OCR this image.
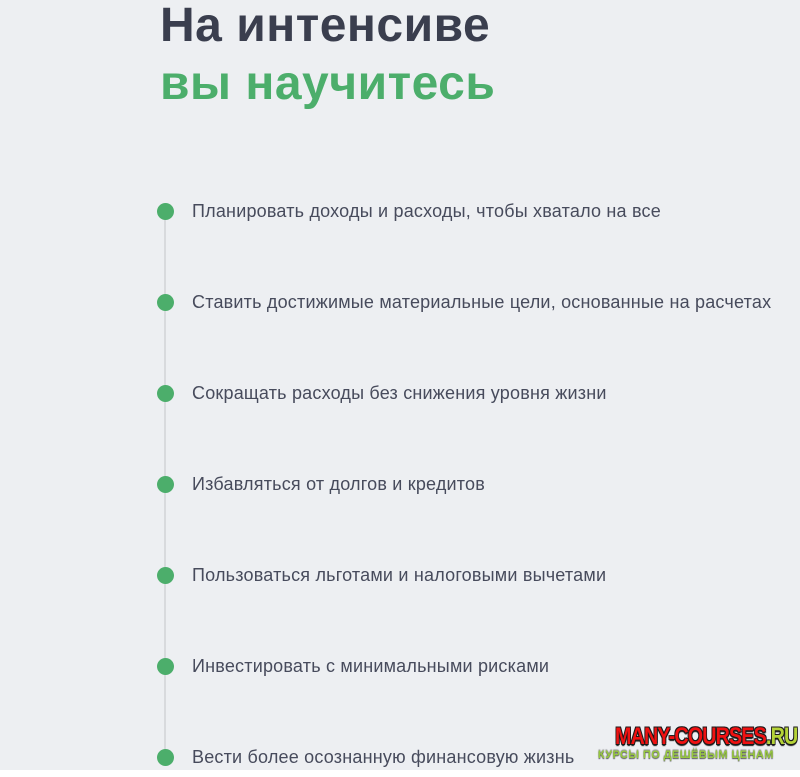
На интенсиве
вы научитесь
Планировать доходы и расходы, чтобы хватало на все
Ставить достижимые материальные цели, основанные на расчетах
Сокращать расходы без снижения уровня жизни
Избавляться от долгов и кредитов
Пользоваться льготами и налоговыми вычетами
Инвестировать с минимальными рисками
Вести более осознанную финансовую жизнь
MANY-COURSES.RU
КУРСЫ ПО ДЕШЁВЫМ ЦЕНАМ
